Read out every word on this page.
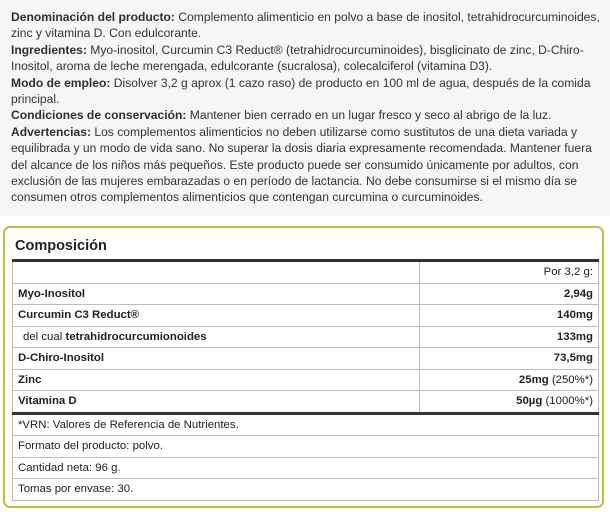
Denominación del producto: Complemento alimenticio en polvo a base de inositol, tetrahidrocurcuminoides, zinc y vitamina D. Con edulcorante.

Ingredientes: Myo-inositol, Curcumin C3 Reduct® (tetrahidrocurcuminoides), bisglicinato de zinc, D-Chiro-Inositol, aroma de leche merengada, edulcorante (sucralosa), colecalciferol (vitamina D3).

Modo de empleo: Disolver 3,2 g aprox (1 cazo raso) de producto en 100 ml de agua, después de la comida principal.

Condiciones de conservación: Mantener bien cerrado en un lugar fresco y seco al abrigo de la luz.

Advertencias: Los complementos alimenticios no deben utilizarse como sustitutos de una dieta variada y equilibrada y un modo de vida sano. No superar la dosis diaria expresamente recomendada. Mantener fuera del alcance de los niños más pequeños. Este producto puede ser consumido únicamente por adultos, con exclusión de las mujeres embarazadas o en período de lactancia. No debe consumirse si el mismo día se consumen otros complementos alimenticios que contengan curcumina o curcuminoides.

Composición
	Por 3,2 g:
Myo-Inositol	2,94g
Curcumin C3 Reduct®	140mg
del cual tetrahidrocurcumionoides	133mg
D-Chiro-Inositol	73,5mg
Zinc	25mg (250%*)
Vitamina D	50µg (1000%*)
*VRN: Valores de Referencia de Nutrientes.	
Formato del producto: polvo.	
Cantidad neta: 96 g.	
Tomas por envase: 30.	
